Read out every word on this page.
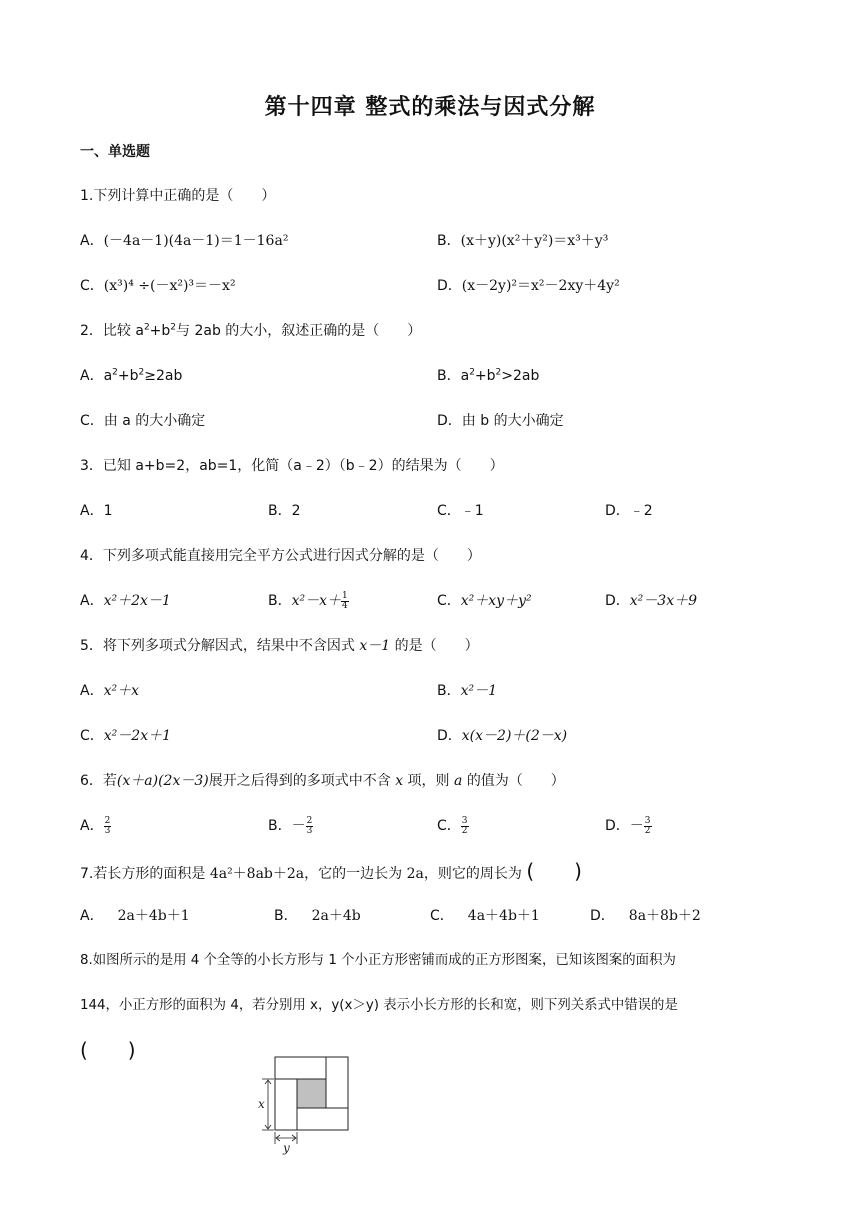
第十四章 整式的乘法与因式分解
一、单选题
1.下列计算中正确的是（　　）
A．(－4a－1)(4a－1)＝1－16a²	B．(x＋y)(x²＋y²)＝x³＋y³
C．(x³)⁴ ÷(－x²)³＝－x²	D．(x－2y)²＝x²－2xy＋4y²
2．比较 $a^2+b^2$与 2ab 的大小，叙述正确的是（　　）
A．$a^2+b^2\ge 2ab$	B．$a^2+b^2>2ab$
C．由 a 的大小确定	D．由 b 的大小确定
3．已知 a+b=2，ab=1，化简（a﹣2）（b﹣2）的结果为（　　）
A．1	B．2	C．﹣1	D．﹣2
4．下列多项式能直接用完全平方公式进行因式分解的是（　　）
A．x²＋2x－1	B．$x^2-x+ \frac{1}{4}$	C．x²＋xy＋y²	D．x²－3x＋9
5．将下列多项式分解因式，结果中不含因式 x－1 的是（　　）
A．x²＋x	B．x²－1
C．x²－2x＋1	D．x(x－2)＋(2－x)
6．若(x＋a)(2x－3)展开之后得到的多项式中不含 x 项，则 a 的值为（　　）
A． $\frac{2}{3}$	B．－ $\frac{2}{3}$	C． $\frac{3}{2}$	D．－ $\frac{3}{2}$
7.若长方形的面积是 4a²＋8ab＋2a，它的一边长为 2a，则它的周长为 (　　)
A．  2a＋4b＋1	B．  2a＋4b	C．  4a＋4b＋1	D．  8a＋8b＋2
8.如图所示的是用 4 个全等的小长方形与 1 个小正方形密铺而成的正方形图案，已知该图案的面积为
144，小正方形的面积为 4，若分别用 x，y(x＞y) 表示小长方形的长和宽，则下列关系式中错误的是
(　　)
x
y
